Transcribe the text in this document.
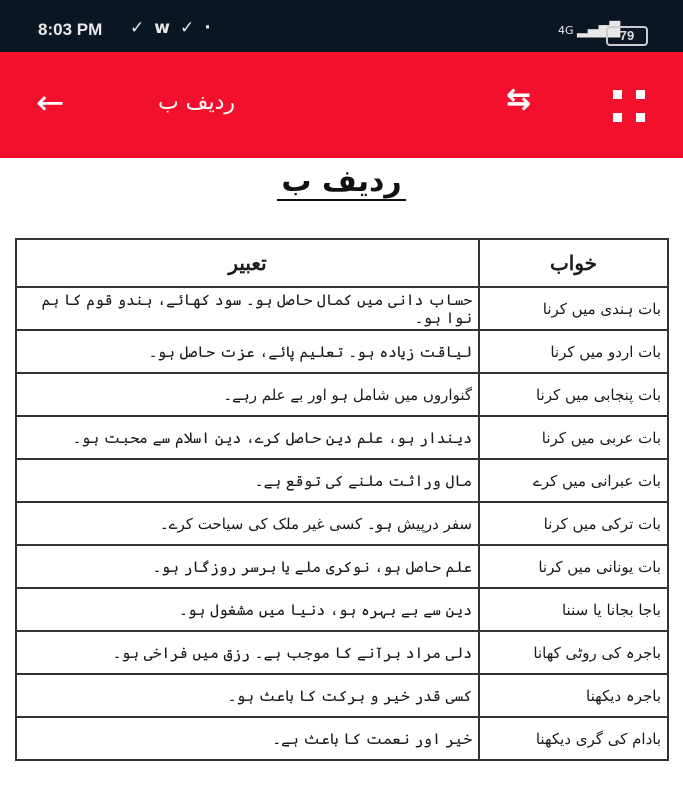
8:03 PM ✓w✓·	4G ▂▄▆█ 79
←	ردیف ب	⇆
ردیف ب
خواب	تعبیر
بات ہندی میں کرنا	حساب دانی میں کمال حاصل ہو۔ سود کھائے، ہندو قوم کا ہم نوا ہو۔
بات اردو میں کرنا	لیاقت زیادہ ہو۔ تعلیم پائے، عزت حاصل ہو۔
بات پنجابی میں کرنا	گنواروں میں شامل ہو اور بے علم رہے۔
بات عربی میں کرنا	دیندار ہو، علم دین حاصل کرے، دین اسلام سے محبت ہو۔
بات عبرانی میں کرے	مال وراثت ملنے کی توقع ہے۔
بات ترکی میں کرنا	سفر درپیش ہو۔ کسی غیر ملک کی سیاحت کرے۔
بات یونانی میں کرنا	علم حاصل ہو، نوکری ملے یا برسر روزگار ہو۔
باجا بجانا یا سننا	دین سے بے بہرہ ہو، دنیا میں مشغول ہو۔
باجرہ کی روٹی کھانا	دلی مراد برآنے کا موجب ہے۔ رزق میں فراخی ہو۔
باجرہ دیکھنا	کسی قدر خیر و برکت کا باعث ہو۔
بادام کی گری دیکھنا	خیر اور نعمت کا باعث ہے۔
